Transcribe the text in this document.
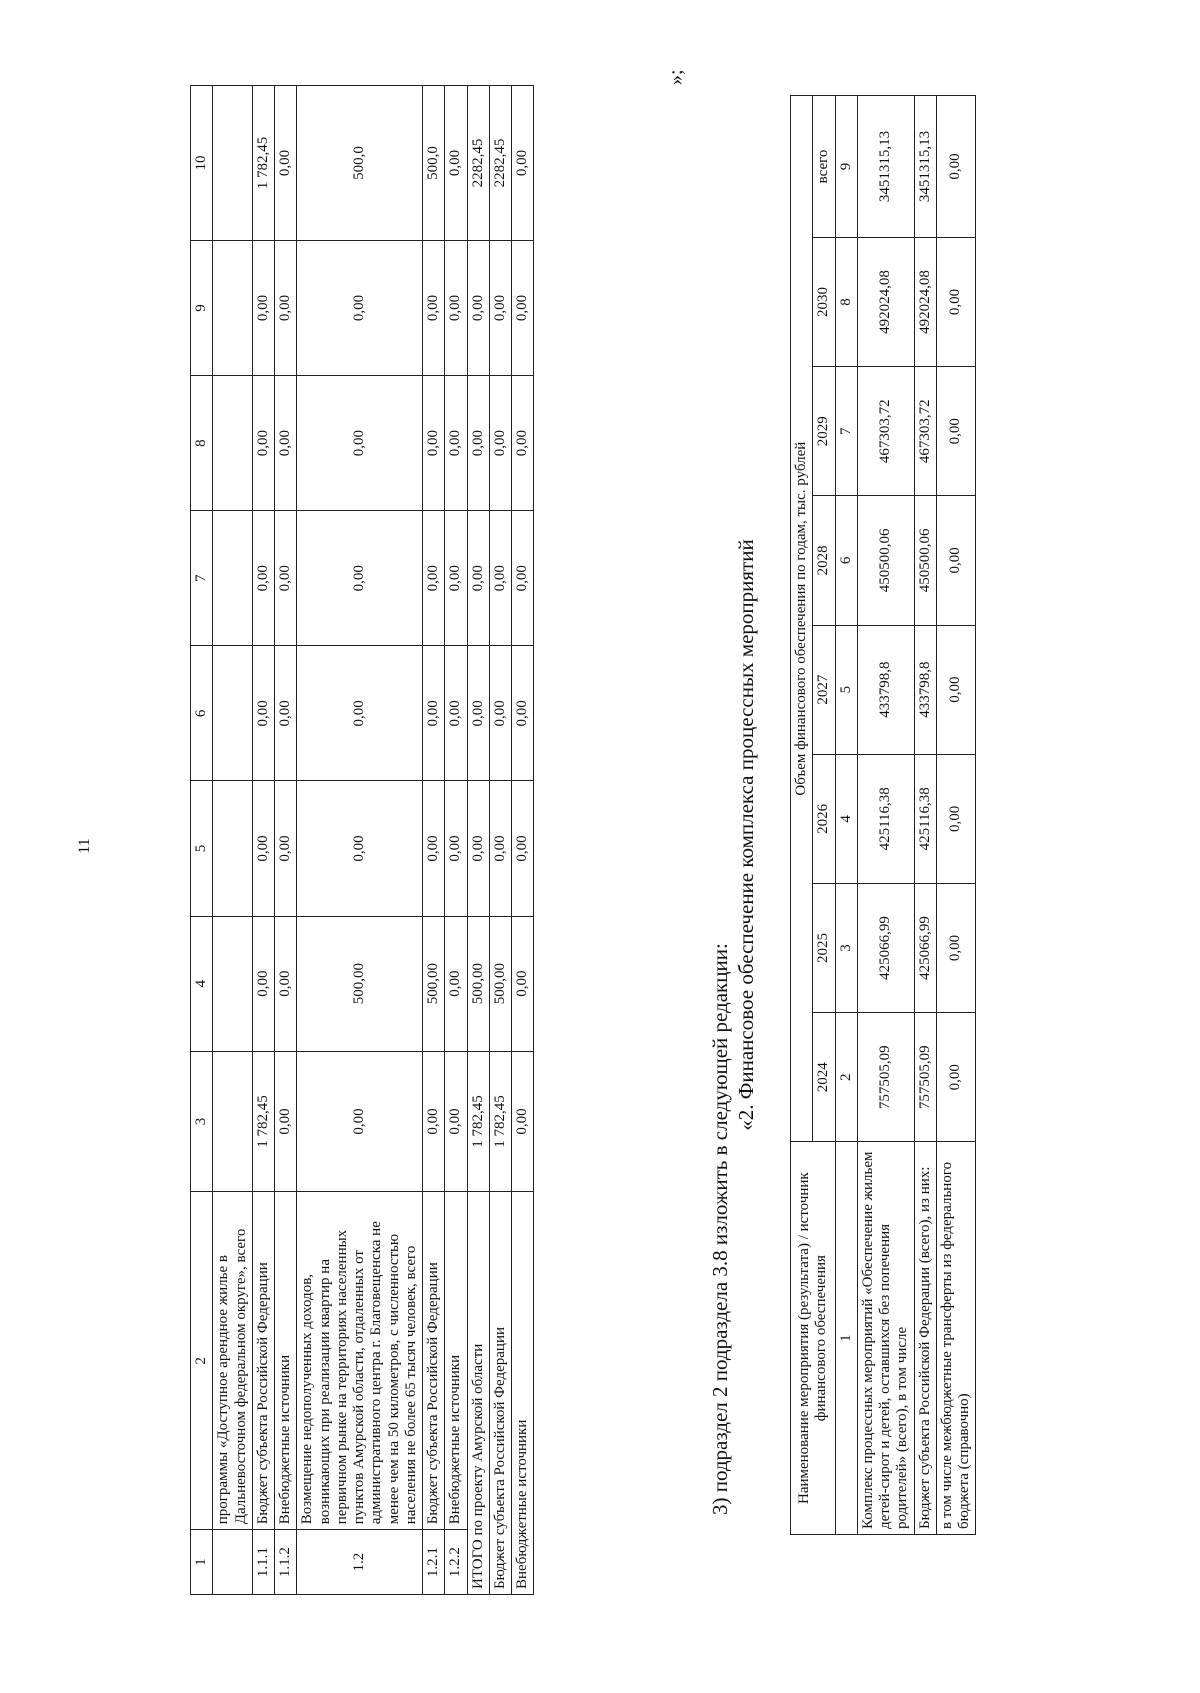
11
1	2	3	4	5	6	7	8	9	10
	программы «Доступное арендное жилье в Дальневосточном федеральном округе», всего								
1.1.1	Бюджет субъекта Российской Федерации	1 782,45	0,00	0,00	0,00	0,00	0,00	0,00	1 782,45
1.1.2	Внебюджетные источники	0,00	0,00	0,00	0,00	0,00	0,00	0,00	0,00
1.2	Возмещение недополученных доходов, возникающих при реализации квартир на первичном рынке на территориях населенных пунктов Амурской области, отдаленных от административного центра г. Благовещенска не менее чем на 50 километров, с численностью населения не более 65 тысяч человек, всего	0,00	500,00	0,00	0,00	0,00	0,00	0,00	500,0
1.2.1	Бюджет субъекта Российской Федерации	0,00	500,00	0,00	0,00	0,00	0,00	0,00	500,0
1.2.2	Внебюджетные источники	0,00	0,00	0,00	0,00	0,00	0,00	0,00	0,00
ИТОГО по проекту Амурской области		1 782,45	500,00	0,00	0,00	0,00	0,00	0,00	2282,45
Бюджет субъекта Российской Федерации		1 782,45	500,00	0,00	0,00	0,00	0,00	0,00	2282,45
Внебюджетные источники		0,00	0,00	0,00	0,00	0,00	0,00	0,00	0,00
»;
3) подраздел 2 подраздела 3.8 изложить в следующей редакции:
«2. Финансовое обеспечение комплекса процессных мероприятий
Наименование мероприятия (результата) / источник финансового обеспечения	Объем финансового обеспечения по годам, тыс. рублей							
	2024	2025	2026	2027	2028	2029	2030	всего
1	2	3	4	5	6	7	8	9
Комплекс процессных мероприятий «Обеспечение жильем детей-сирот и детей, оставшихся без попечения родителей» (всего), в том числе	757505,09	425066,99	425116,38	433798,8	450500,06	467303,72	492024,08	3451315,13
Бюджет субъекта Российской Федерации (всего), из них:	757505,09	425066,99	425116,38	433798,8	450500,06	467303,72	492024,08	3451315,13
в том числе межбюджетные трансферты из федерального бюджета (справочно)	0,00	0,00	0,00	0,00	0,00	0,00	0,00	0,00
